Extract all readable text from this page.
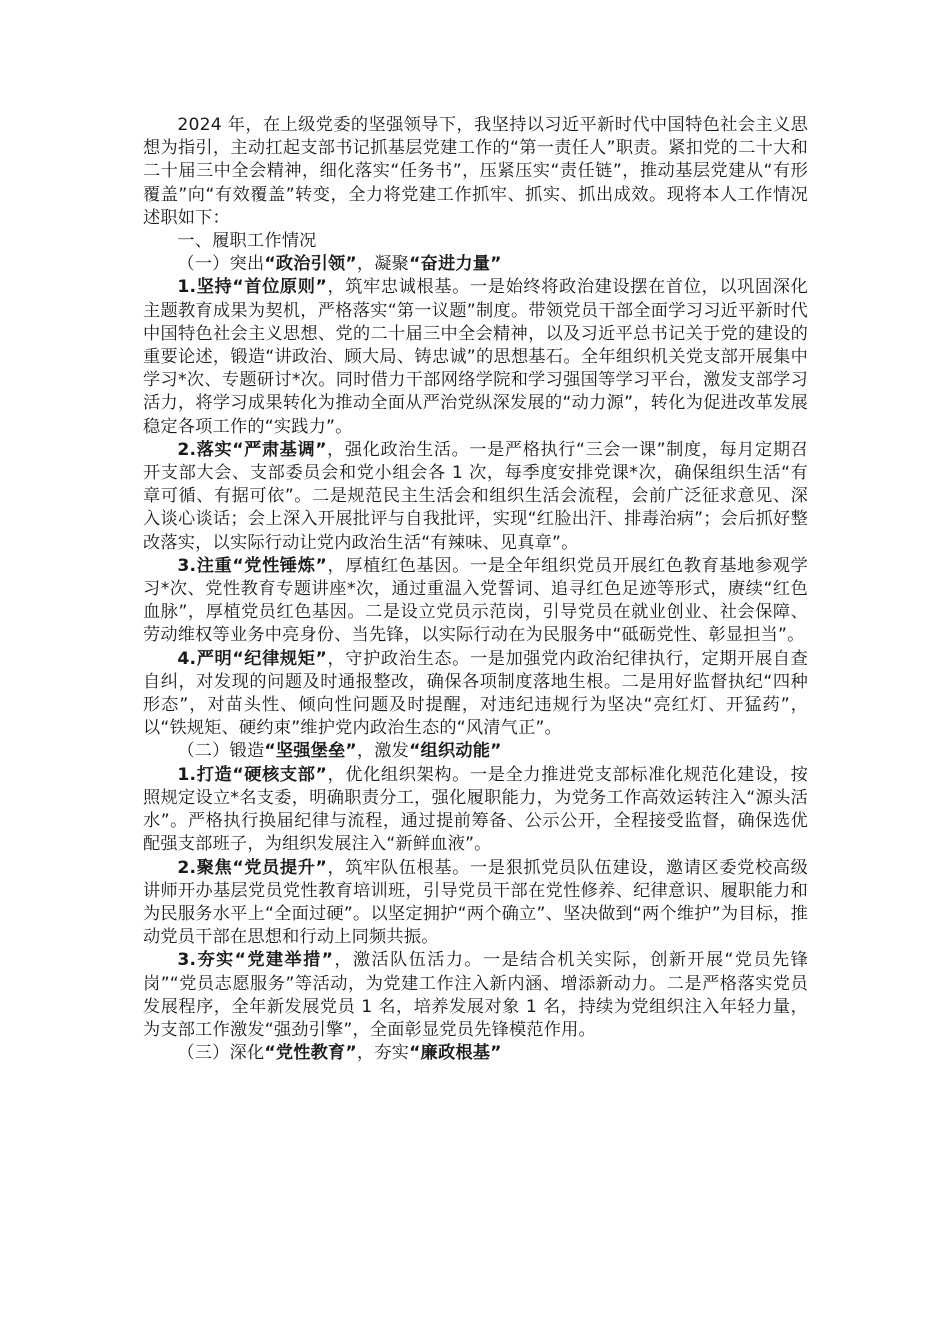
2024 年，在上级党委的坚强领导下，我坚持以习近平新时代中国特色社会主义思想为指引，主动扛起支部书记抓基层党建工作的“第一责任人”职责。紧扣党的二十大和二十届三中全会精神，细化落实“任务书”，压紧压实“责任链”，推动基层党建从“有形覆盖”向“有效覆盖”转变，全力将党建工作抓牢、抓实、抓出成效。现将本人工作情况述职如下：

一、履职工作情况

（一）突出“政治引领”，凝聚“奋进力量”

1.坚持“首位原则”，筑牢忠诚根基。一是始终将政治建设摆在首位，以巩固深化主题教育成果为契机，严格落实“第一议题”制度。带领党员干部全面学习习近平新时代中国特色社会主义思想、党的二十届三中全会精神，以及习近平总书记关于党的建设的重要论述，锻造“讲政治、顾大局、铸忠诚”的思想基石。全年组织机关党支部开展集中学习*次、专题研讨*次。同时借力干部网络学院和学习强国等学习平台，激发支部学习活力，将学习成果转化为推动全面从严治党纵深发展的“动力源”，转化为促进改革发展稳定各项工作的“实践力”。

2.落实“严肃基调”，强化政治生活。一是严格执行“三会一课”制度，每月定期召开支部大会、支部委员会和党小组会各 1 次，每季度安排党课*次，确保组织生活“有章可循、有据可依”。二是规范民主生活会和组织生活会流程，会前广泛征求意见、深入谈心谈话；会上深入开展批评与自我批评，实现“红脸出汗、排毒治病”；会后抓好整改落实，以实际行动让党内政治生活“有辣味、见真章”。

3.注重“党性锤炼”，厚植红色基因。一是全年组织党员开展红色教育基地参观学习*次、党性教育专题讲座*次，通过重温入党誓词、追寻红色足迹等形式，赓续“红色血脉”，厚植党员红色基因。二是设立党员示范岗，引导党员在就业创业、社会保障、劳动维权等业务中亮身份、当先锋，以实际行动在为民服务中“砥砺党性、彰显担当”。

4.严明“纪律规矩”，守护政治生态。一是加强党内政治纪律执行，定期开展自查自纠，对发现的问题及时通报整改，确保各项制度落地生根。二是用好监督执纪“四种形态”，对苗头性、倾向性问题及时提醒，对违纪违规行为坚决“亮红灯、开猛药”，以“铁规矩、硬约束”维护党内政治生态的“风清气正”。

（二）锻造“坚强堡垒”，激发“组织动能”

1.打造“硬核支部”，优化组织架构。一是全力推进党支部标准化规范化建设，按照规定设立*名支委，明确职责分工，强化履职能力，为党务工作高效运转注入“源头活水”。严格执行换届纪律与流程，通过提前筹备、公示公开，全程接受监督，确保选优配强支部班子，为组织发展注入“新鲜血液”。

2.聚焦“党员提升”，筑牢队伍根基。一是狠抓党员队伍建设，邀请区委党校高级讲师开办基层党员党性教育培训班，引导党员干部在党性修养、纪律意识、履职能力和为民服务水平上“全面过硬”。以坚定拥护“两个确立”、坚决做到“两个维护”为目标，推动党员干部在思想和行动上同频共振。

3.夯实“党建举措”，激活队伍活力。一是结合机关实际，创新开展“党员先锋岗”“党员志愿服务”等活动，为党建工作注入新内涵、增添新动力。二是严格落实党员发展程序，全年新发展党员 1 名，培养发展对象 1 名，持续为党组织注入年轻力量，为支部工作激发“强劲引擎”，全面彰显党员先锋模范作用。

（三）深化“党性教育”，夯实“廉政根基”
